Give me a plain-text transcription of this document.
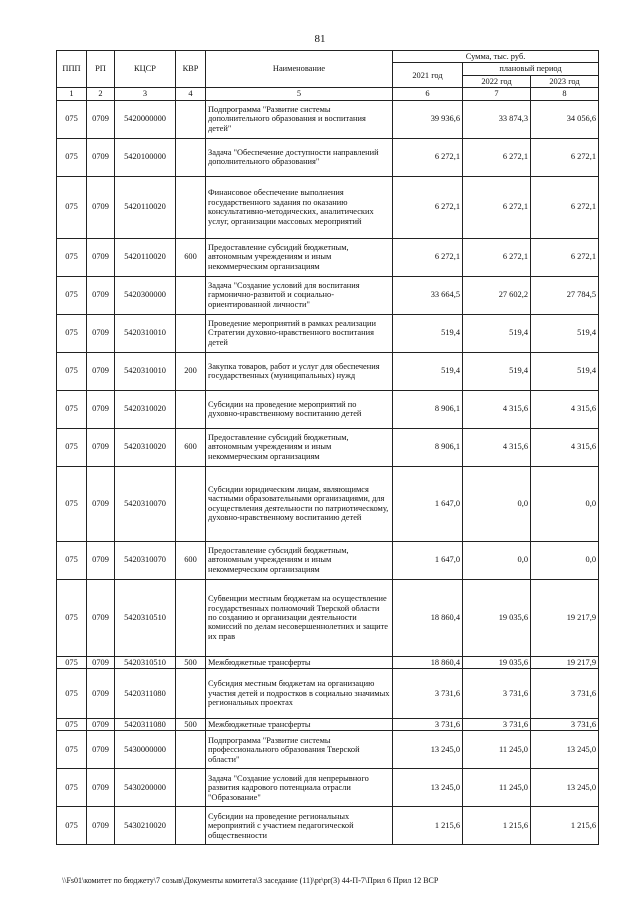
81
ППП	РП	КЦСР	КВР	Наименование	Сумма, тыс. руб.		
					2021 год	плановый период	
						2022 год	2023 год
1	2	3	4	5	6	7	8
075	0709	5420000000		Подпрограмма "Развитие системы дополнительного образования и воспитания детей"	39 936,6	33 874,3	34 056,6
075	0709	5420100000		Задача "Обеспечение доступности направлений дополнительного образования"	6 272,1	6 272,1	6 272,1
075	0709	5420110020		Финансовое обеспечение выполнения государственного задания по оказанию консультативно-методических, аналитических услуг, организации массовых мероприятий	6 272,1	6 272,1	6 272,1
075	0709	5420110020	600	Предоставление субсидий бюджетным, автономным учреждениям и иным некоммерческим организациям	6 272,1	6 272,1	6 272,1
075	0709	5420300000		Задача "Создание условий для воспитания гармонично-развитой и социально-ориентированной личности"	33 664,5	27 602,2	27 784,5
075	0709	5420310010		Проведение мероприятий в рамках реализации Стратегии духовно-нравственного воспитания детей	519,4	519,4	519,4
075	0709	5420310010	200	Закупка товаров, работ и услуг для обеспечения государственных (муниципальных) нужд	519,4	519,4	519,4
075	0709	5420310020		Субсидии на проведение мероприятий по духовно-нравственному воспитанию детей	8 906,1	4 315,6	4 315,6
075	0709	5420310020	600	Предоставление субсидий бюджетным, автономным учреждениям и иным некоммерческим организациям	8 906,1	4 315,6	4 315,6
075	0709	5420310070		Субсидии юридическим лицам, являющимся частными образовательными организациями, для осуществления деятельности по патриотическому, духовно-нравственному воспитанию детей	1 647,0	0,0	0,0
075	0709	5420310070	600	Предоставление субсидий бюджетным, автономным учреждениям и иным некоммерческим организациям	1 647,0	0,0	0,0
075	0709	5420310510		Субвенции местным бюджетам на осуществление государственных полномочий Тверской области по созданию и организации деятельности комиссий по делам несовершеннолетних и защите их прав	18 860,4	19 035,6	19 217,9
075	0709	5420310510	500	Межбюджетные трансферты	18 860,4	19 035,6	19 217,9
075	0709	5420311080		Субсидия местным бюджетам на организацию участия детей и подростков в социально значимых региональных проектах	3 731,6	3 731,6	3 731,6
075	0709	5420311080	500	Межбюджетные трансферты	3 731,6	3 731,6	3 731,6
075	0709	5430000000		Подпрограмма "Развитие системы профессионального образования Тверской области"	13 245,0	11 245,0	13 245,0
075	0709	5430200000		Задача "Создание условий для непрерывного развития кадрового потенциала отрасли "Образование"	13 245,0	11 245,0	13 245,0
075	0709	5430210020		Субсидии на проведение региональных мероприятий с участием педагогической общественности	1 215,6	1 215,6	1 215,6
\\Fs01\комитет по бюджету\7 созыв\Документы комитета\3 заседание (11)\pr\pr(3) 44-П-7\Прил 6 Прил 12 ВСР
